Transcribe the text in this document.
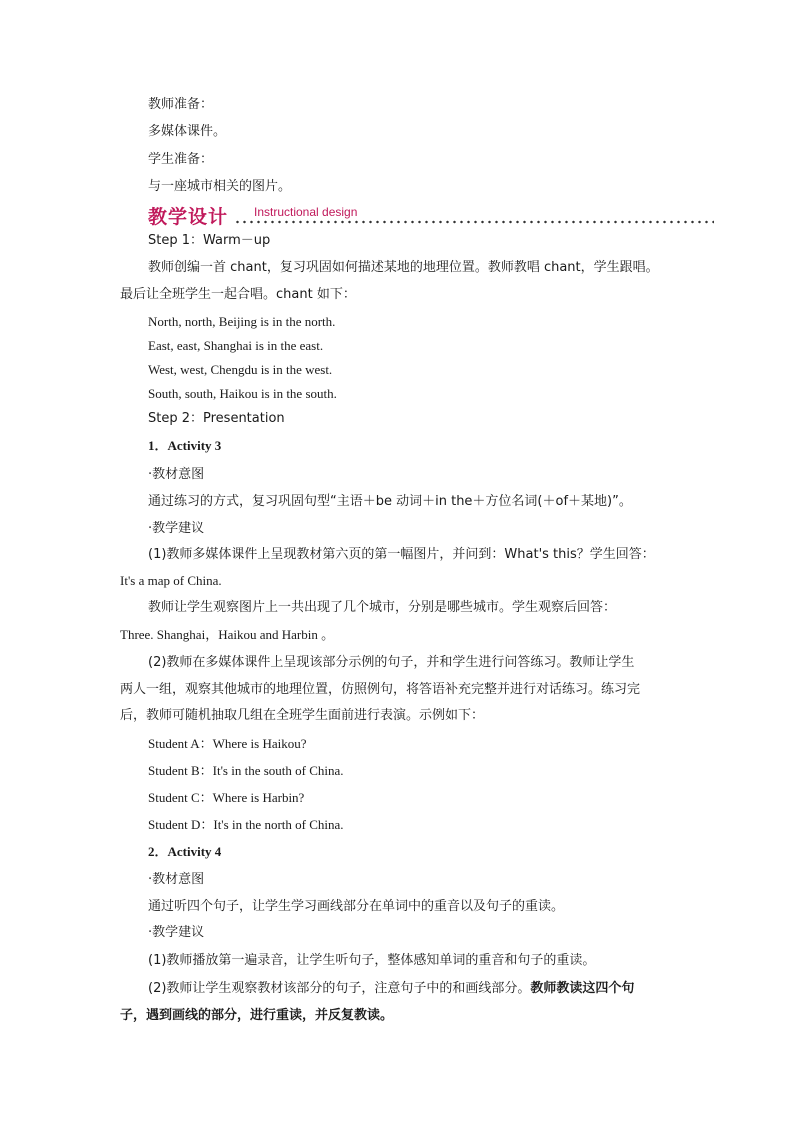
教师准备：
多媒体课件。
学生准备：
与一座城市相关的图片。
教学设计 Instructional design
Step 1：Warm－up
教师创编一首 chant，复习巩固如何描述某地的地理位置。教师教唱 chant，学生跟唱。
最后让全班学生一起合唱。chant 如下：
North, north, Beijing is in the north.
East, east, Shanghai is in the east.
West, west, Chengdu is in the west.
South, south, Haikou is in the south.
Step 2：Presentation
1．Activity 3
·教材意图
通过练习的方式，复习巩固句型“主语＋be 动词＋in the＋方位名词(＋of＋某地)”。
·教学建议
(1)教师多媒体课件上呈现教材第六页的第一幅图片，并问到：What's this？学生回答：
It's a map of China.
教师让学生观察图片上一共出现了几个城市，分别是哪些城市。学生观察后回答：
Three. Shanghai，Haikou and Harbin 。
(2)教师在多媒体课件上呈现该部分示例的句子，并和学生进行问答练习。教师让学生
两人一组，观察其他城市的地理位置，仿照例句，将答语补充完整并进行对话练习。练习完
后，教师可随机抽取几组在全班学生面前进行表演。示例如下：
Student A：Where is Haikou?
Student B：It's in the south of China.
Student C：Where is Harbin?
Student D：It's in the north of China.
2．Activity 4
·教材意图
通过听四个句子，让学生学习画线部分在单词中的重音以及句子的重读。
·教学建议
(1)教师播放第一遍录音，让学生听句子，整体感知单词的重音和句子的重读。
(2)教师让学生观察教材该部分的句子，注意句子中的和画线部分。教师教读这四个句
子，遇到画线的部分，进行重读，并反复教读。
